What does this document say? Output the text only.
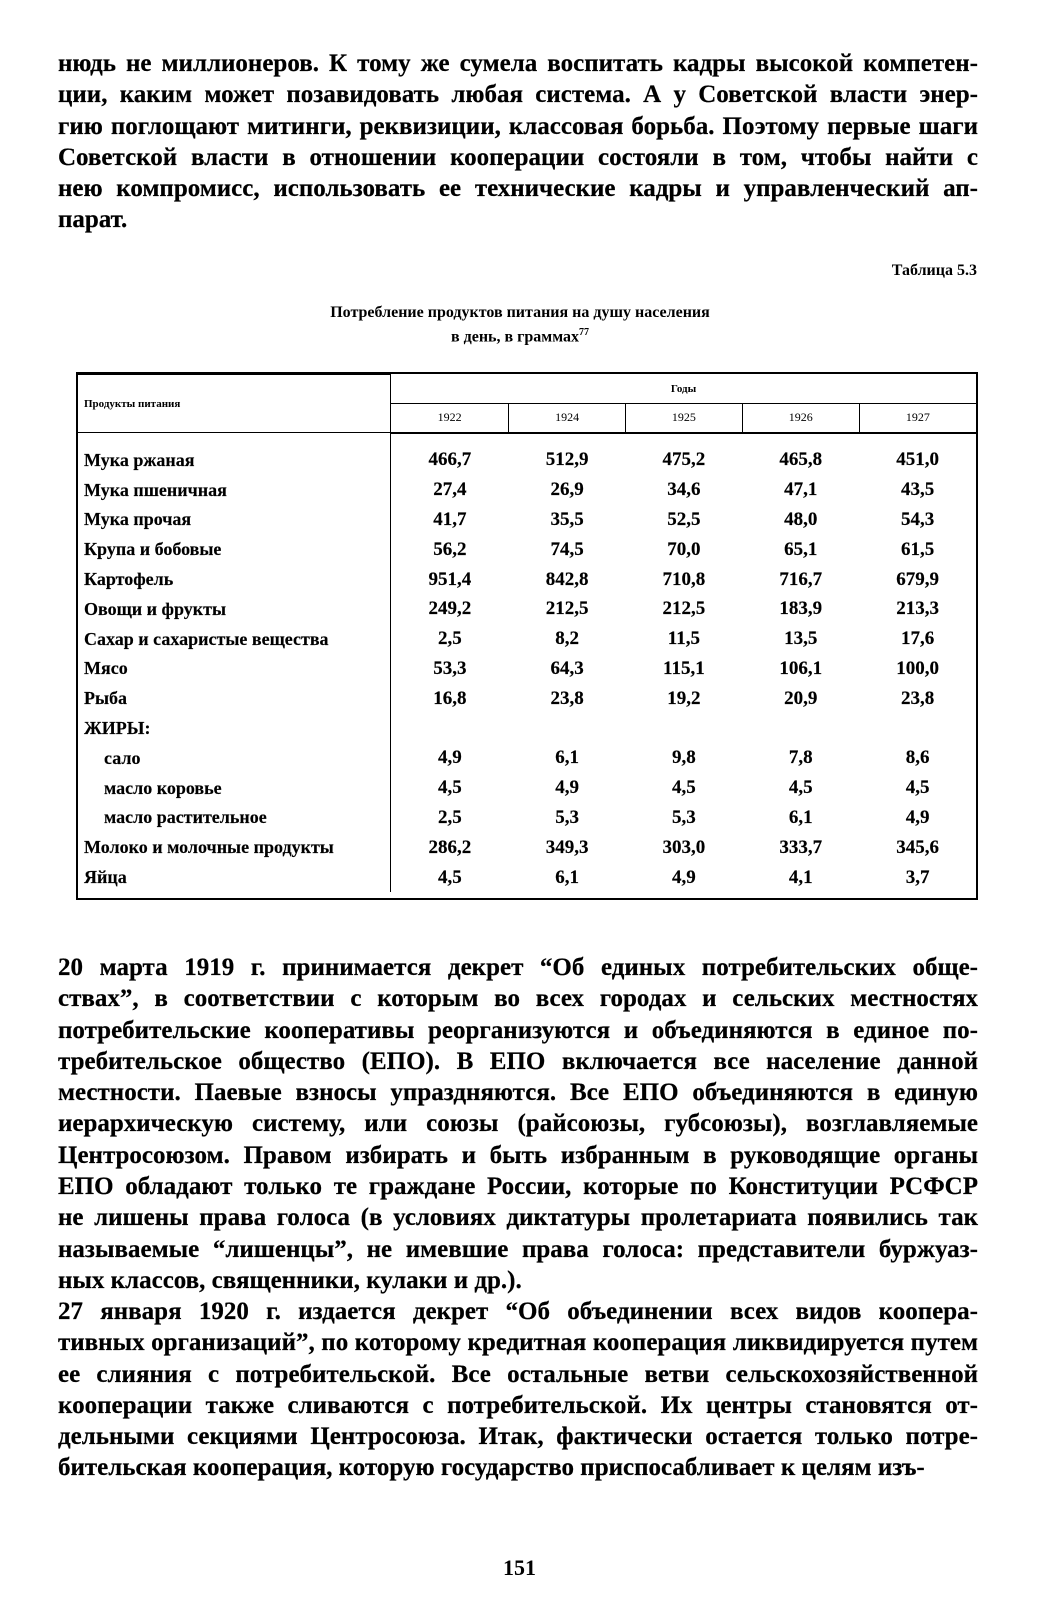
нюдь не миллионеров. К тому же сумела воспитать кадры высокой компетен-
ции, каким может позавидовать любая система. А у Советской власти энер-
гию поглощают митинги, реквизиции, классовая борьба. Поэтому первые шаги
Советской власти в отношении кооперации состояли в том, чтобы найти с
нею компромисс, использовать ее технические кадры и управленческий ап-
парат.
Таблица 5.3
Потребление продуктов питания на душу населения
в день, в граммах$^{77}$
Продукты питания	Годы				
	1922	1924	1925	1926	1927
Мука ржаная	466,7	512,9	475,2	465,8	451,0
Мука пшеничная	27,4	26,9	34,6	47,1	43,5
Мука прочая	41,7	35,5	52,5	48,0	54,3
Крупа и бобовые	56,2	74,5	70,0	65,1	61,5
Картофель	951,4	842,8	710,8	716,7	679,9
Овощи и фрукты	249,2	212,5	212,5	183,9	213,3
Сахар и сахаристые вещества	2,5	8,2	11,5	13,5	17,6
Мясо	53,3	64,3	115,1	106,1	100,0
Рыба	16,8	23,8	19,2	20,9	23,8
ЖИРЫ:					
сало	4,9	6,1	9,8	7,8	8,6
масло коровье	4,5	4,9	4,5	4,5	4,5
масло растительное	2,5	5,3	5,3	6,1	4,9
Молоко и молочные продукты	286,2	349,3	303,0	333,7	345,6
Яйца	4,5	6,1	4,9	4,1	3,7
20 марта 1919 г. принимается декрет “Об единых потребительских обще-
ствах”, в соответствии с которым во всех городах и сельских местностях
потребительские кооперативы реорганизуются и объединяются в единое по-
требительское общество (ЕПО). В ЕПО включается все население данной
местности. Паевые взносы упраздняются. Все ЕПО объединяются в единую
иерархическую систему, или союзы (райсоюзы, губсоюзы), возглавляемые
Центросоюзом. Правом избирать и быть избранным в руководящие органы
ЕПО обладают только те граждане России, которые по Конституции РСФСР
не лишены права голоса (в условиях диктатуры пролетариата появились так
называемые “лишенцы”, не имевшие права голоса: представители буржуаз-
ных классов, священники, кулаки и др.).
27 января 1920 г. издается декрет “Об объединении всех видов коопера-
тивных организаций”, по которому кредитная кооперация ликвидируется путем
ее слияния с потребительской. Все остальные ветви сельскохозяйственной
кооперации также сливаются с потребительской. Их центры становятся от-
дельными секциями Центросоюза. Итак, фактически остается только потре-
бительская кооперация, которую государство приспосабливает к целям изъ-
151
